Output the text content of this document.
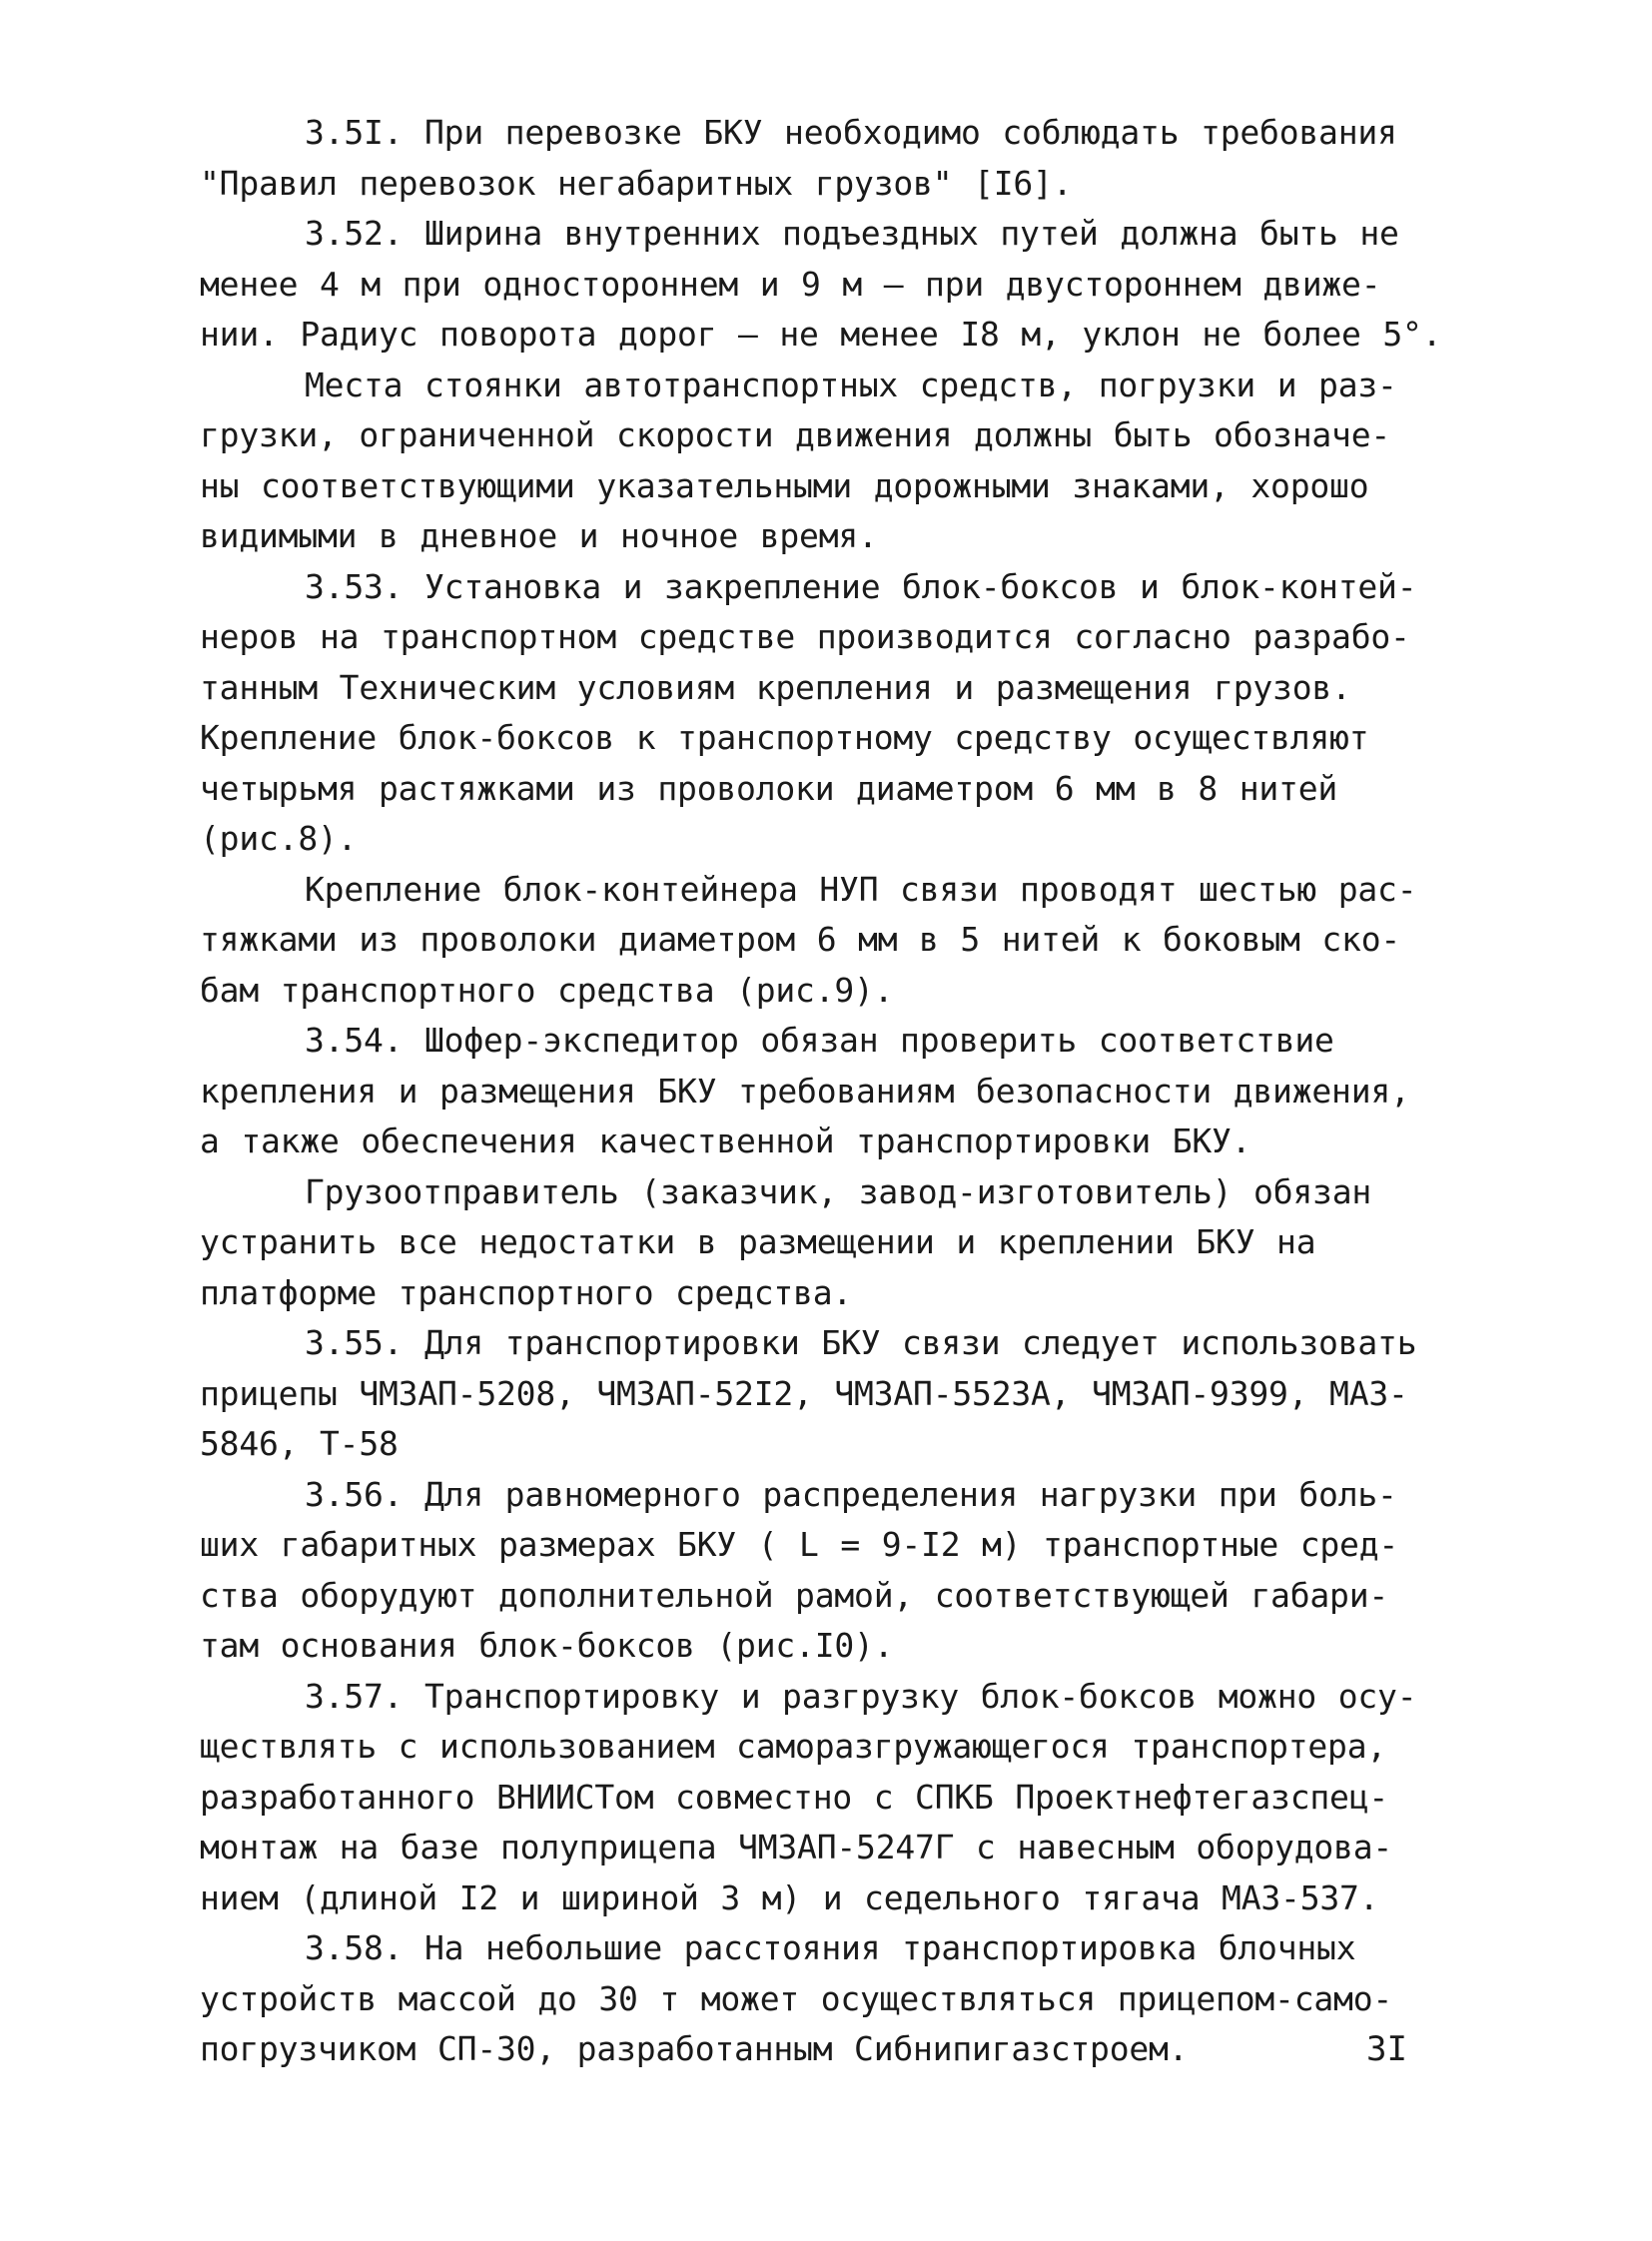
3.5I. При перевозке БКУ необходимо соблюдать требования
"Правил перевозок негабаритных грузов" [I6].

3.52. Ширина внутренних подъездных путей должна быть не
менее 4 м при одностороннем и 9 м – при двустороннем движе-
нии. Радиус поворота дорог – не менее I8 м, уклон не более 5°.

Места стоянки автотранспортных средств, погрузки и раз-
грузки, ограниченной скорости движения должны быть обозначе-
ны соответствующими указательными дорожными знаками, хорошо
видимыми в дневное и ночное время.

3.53. Установка и закрепление блок-боксов и блок-контей-
неров на транспортном средстве производится согласно разрабо-
танным Техническим условиям крепления и размещения грузов.
Крепление блок-боксов к транспортному средству осуществляют
четырьмя растяжками из проволоки диаметром 6 мм в 8 нитей
(рис.8).

Крепление блок-контейнера НУП связи проводят шестью рас-
тяжками из проволоки диаметром 6 мм в 5 нитей к боковым ско-
бам транспортного средства (рис.9).

3.54. Шофер-экспедитор обязан проверить соответствие
крепления и размещения БКУ требованиям безопасности движения,
а также обеспечения качественной транспортировки БКУ.

Грузоотправитель (заказчик, завод-изготовитель) обязан
устранить все недостатки в размещении и креплении БКУ на
платформе транспортного средства.

3.55. Для транспортировки БКУ связи следует использовать
прицепы ЧМЗАП-5208, ЧМЗАП-52I2, ЧМЗАП-5523А, ЧМЗАП-9399, МАЗ-
5846, Т-58

3.56. Для равномерного распределения нагрузки при боль-
ших габаритных размерах БКУ ( L = 9-I2 м) транспортные сред-
ства оборудуют дополнительной рамой, соответствующей габари-
там основания блок-боксов (рис.I0).

3.57. Транспортировку и разгрузку блок-боксов можно осу-
ществлять с использованием саморазгружающегося транспортера,
разработанного ВНИИСТом совместно с СПКБ Проектнефтегазспец-
монтаж на базе полуприцепа ЧМЗАП-5247Г с навесным оборудова-
нием (длиной I2 и шириной 3 м) и седельного тягача МАЗ-537.

3.58. На небольшие расстояния транспортировка блочных
устройств массой до 30 т может осуществляться прицепом-само-
погрузчиком СП-30, разработанным Сибнипигазстроем.	3I
